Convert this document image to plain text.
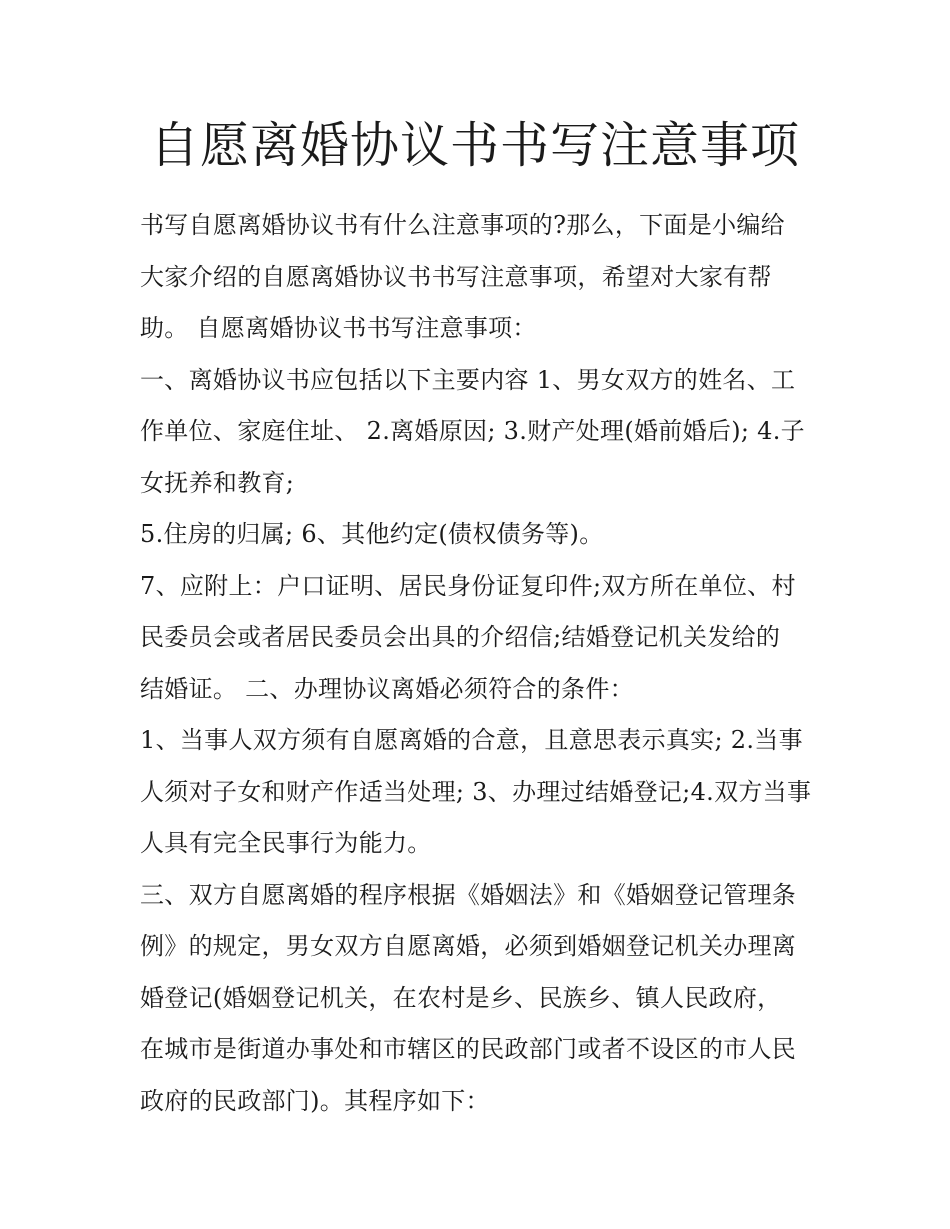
自愿离婚协议书书写注意事项

书写自愿离婚协议书有什么注意事项的?那么，下面是小编给
大家介绍的自愿离婚协议书书写注意事项，希望对大家有帮
助。 自愿离婚协议书书写注意事项：

一、离婚协议书应包括以下主要内容 1、男女双方的姓名、工
作单位、家庭住址、 2.离婚原因; 3.财产处理(婚前婚后); 4.子
女抚养和教育;

5.住房的归属; 6、其他约定(债权债务等)。

7、应附上：户口证明、居民身份证复印件;双方所在单位、村
民委员会或者居民委员会出具的介绍信;结婚登记机关发给的
结婚证。 二、办理协议离婚必须符合的条件：

1、当事人双方须有自愿离婚的合意，且意思表示真实; 2.当事
人须对子女和财产作适当处理; 3、办理过结婚登记;4.双方当事
人具有完全民事行为能力。

三、双方自愿离婚的程序根据《婚姻法》和《婚姻登记管理条
例》的规定，男女双方自愿离婚，必须到婚姻登记机关办理离
婚登记(婚姻登记机关，在农村是乡、民族乡、镇人民政府，
在城市是街道办事处和市辖区的民政部门或者不设区的市人民
政府的民政部门)。其程序如下：
